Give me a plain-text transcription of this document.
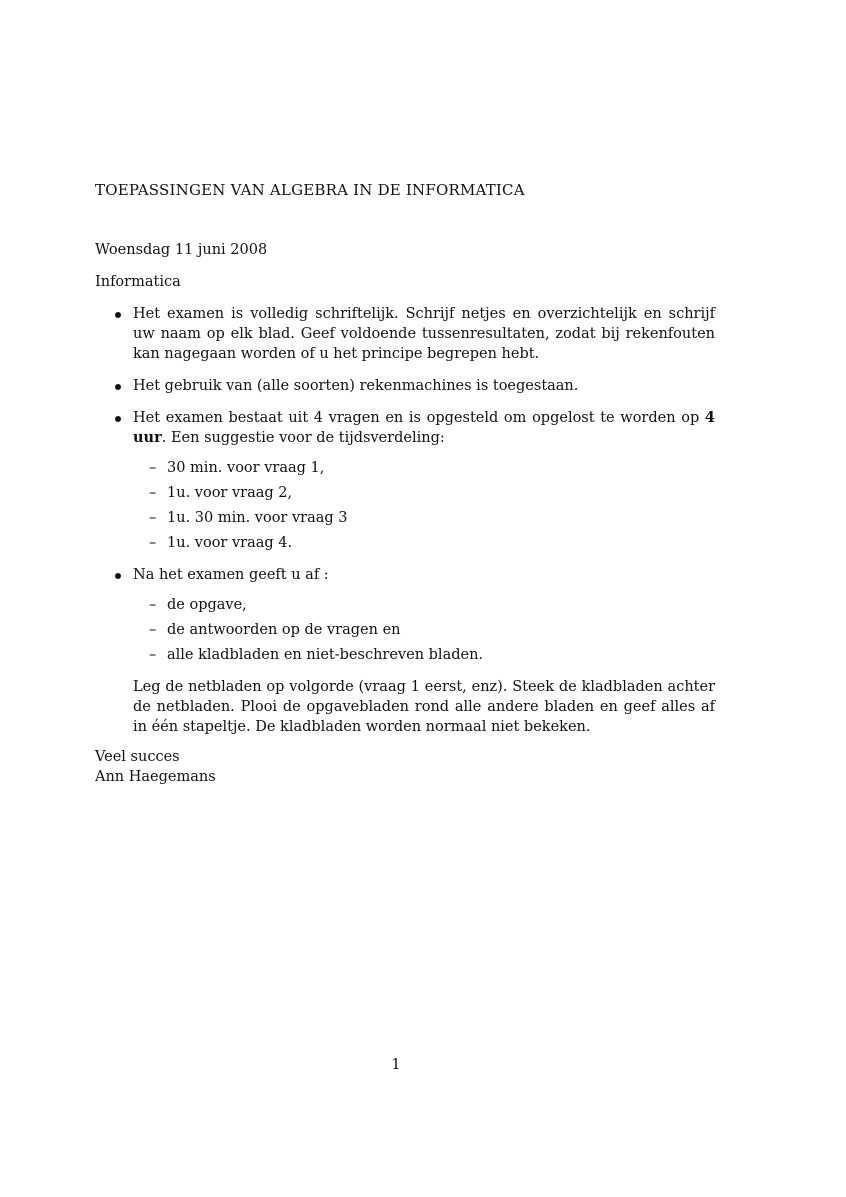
TOEPASSINGEN VAN ALGEBRA IN DE INFORMATICA
Woensdag 11 juni 2008
Informatica
Het examen is volledig schriftelijk. Schrijf netjes en overzichtelijk en schrijf uw naam op elk blad. Geef voldoende tussenresultaten, zodat bij rekenfouten kan nagegaan worden of u het principe begrepen hebt.
Het gebruik van (alle soorten) rekenmachines is toegestaan.
Het examen bestaat uit 4 vragen en is opgesteld om opgelost te worden op 4 uur. Een suggestie voor de tijdsverdeling:
– 30 min. voor vraag 1,
– 1u. voor vraag 2,
– 1u. 30 min. voor vraag 3
– 1u. voor vraag 4.
Na het examen geeft u af :
– de opgave,
– de antwoorden op de vragen en
– alle kladbladen en niet-beschreven bladen.
Leg de netbladen op volgorde (vraag 1 eerst, enz). Steek de kladbladen achter de netbladen. Plooi de opgavebladen rond alle andere bladen en geef alles af in één stapeltje. De kladbladen worden normaal niet bekeken.
Veel succes
Ann Haegemans
1
